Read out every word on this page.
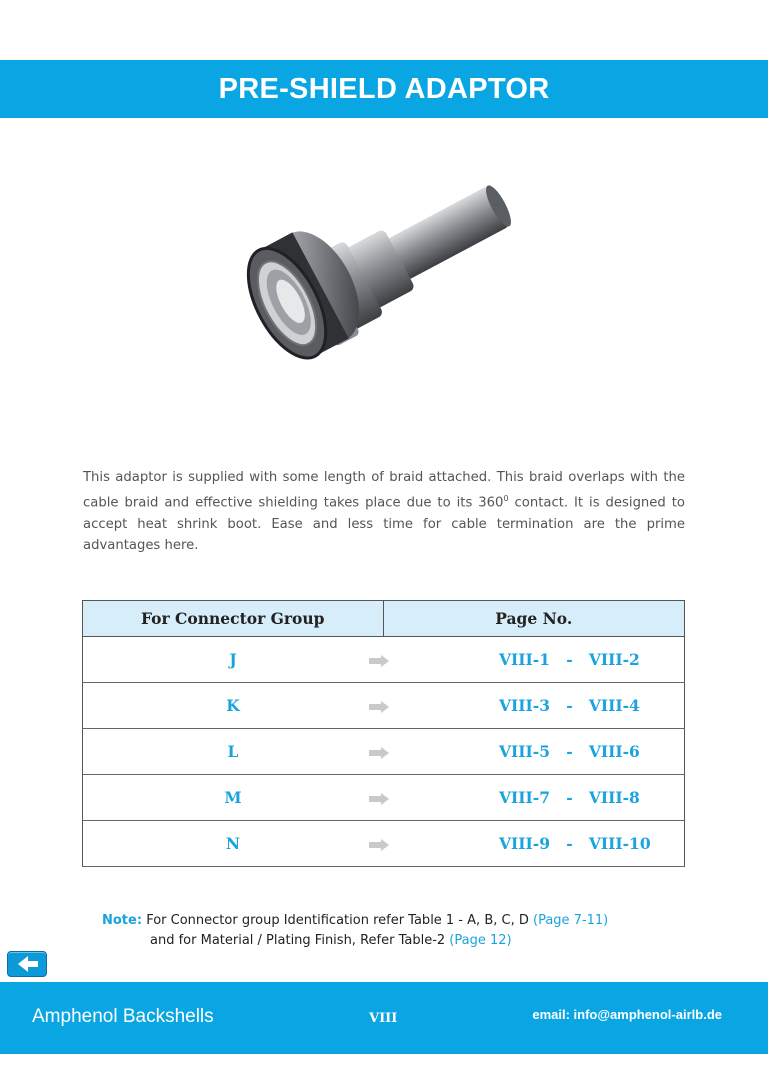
PRE-SHIELD ADAPTOR

This adaptor is supplied with some length of braid attached. This braid overlaps with the cable braid and effective shielding takes place due to its $360^0$ contact. It is designed to accept heat shrink boot. Ease and less time for cable termination are the prime advantages here.

For Connector Group	Page No.	
J		VIII-1 - VIII-2
K		VIII-3 - VIII-4
L		VIII-5 - VIII-6
M		VIII-7 - VIII-8
N		VIII-9 - VIII-10
Note: For Connector group Identification refer Table 1 - A, B, C, D (Page 7-11)
and for Material / Plating Finish, Refer Table-2 (Page 12)
Amphenol Backshells	VIII	email: info@amphenol-airlb.de
